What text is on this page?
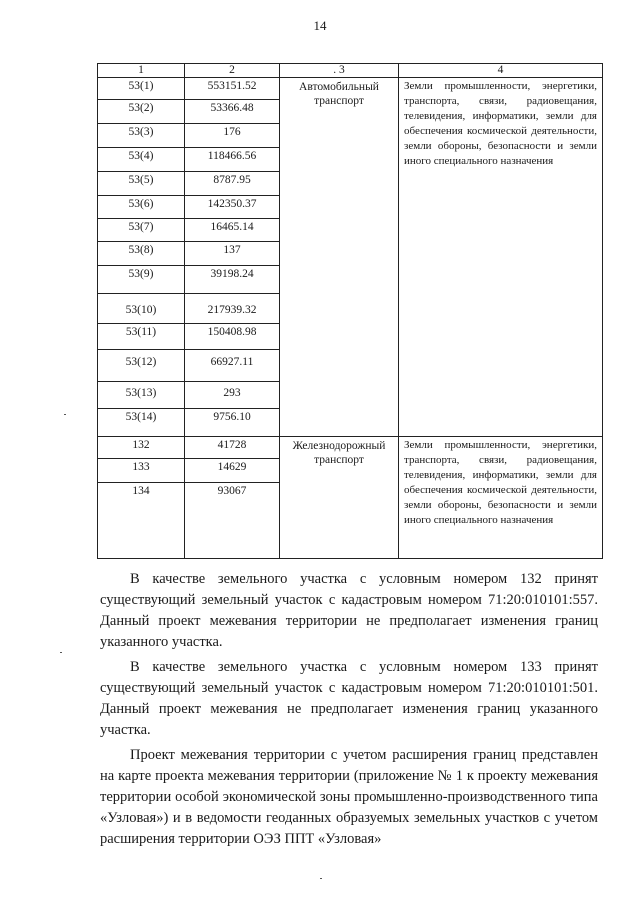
14
1	2	. 3	4
53(1)	553151.52	Автомобильный транспорт	Земли промышленности, энергетики, транспорта, связи, радиовещания, телевидения, информатики, земли для обеспечения космической деятельности, земли обороны, безопасности и земли иного специального назначения
53(2)	53366.48		
53(3)	176		
53(4)	118466.56		
53(5)	8787.95		
53(6)	142350.37		
53(7)	16465.14		
53(8)	137		
53(9)	39198.24		
53(10)	217939.32		
53(11)	150408.98		
53(12)	66927.11		
53(13)	293		
53(14)	9756.10		
132	41728	Железнодорожный транспорт	Земли промышленности, энергетики, транспорта, связи, радиовещания, телевидения, информатики, земли для обеспечения космической деятельности, земли обороны, безопасности и земли иного специального назначения
133	14629		
134	93067		

В качестве земельного участка с условным номером 132 принят существующий земельный участок с кадастровым номером 71:20:010101:557. Данный проект межевания территории не предполагает изменения границ указанного участка.

В качестве земельного участка с условным номером 133 принят существующий земельный участок с кадастровым номером 71:20:010101:501. Данный проект межевания не предполагает изменения границ указанного участка.

Проект межевания территории с учетом расширения границ представлен на карте проекта межевания территории (приложение № 1 к проекту межевания территории особой экономической зоны промышленно-производственного типа «Узловая») и в ведомости геоданных образуемых земельных участков с учетом расширения территории ОЭЗ ППТ «Узловая»
